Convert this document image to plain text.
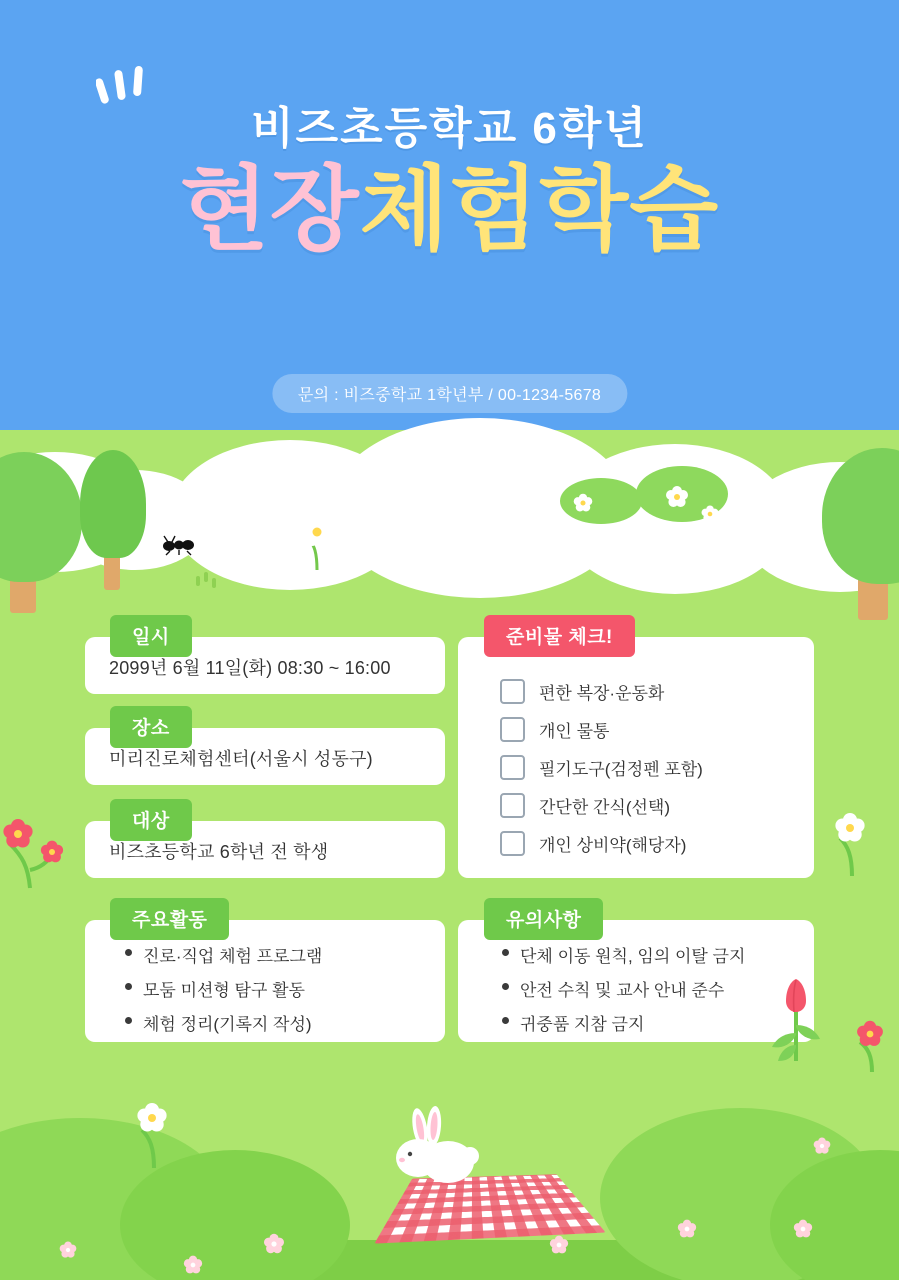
비즈초등학교 6학년
현장체험학습
문의 : 비즈중학교 1학년부 / 00-1234-5678
2099년 6월 11일(화) 08:30 ~ 16:00
일시
미리진로체험센터(서울시 성동구)
장소
비즈초등학교 6학년 전 학생
대상
진로·직업 체험 프로그램
모둠 미션형 탐구 활동
체험 정리(기록지 작성)
주요활동
편한 복장·운동화
개인 물통
필기도구(검정펜 포함)
간단한 간식(선택)
개인 상비약(해당자)
준비물 체크!
단체 이동 원칙, 임의 이탈 금지
안전 수칙 및 교사 안내 준수
귀중품 지참 금지
유의사항
